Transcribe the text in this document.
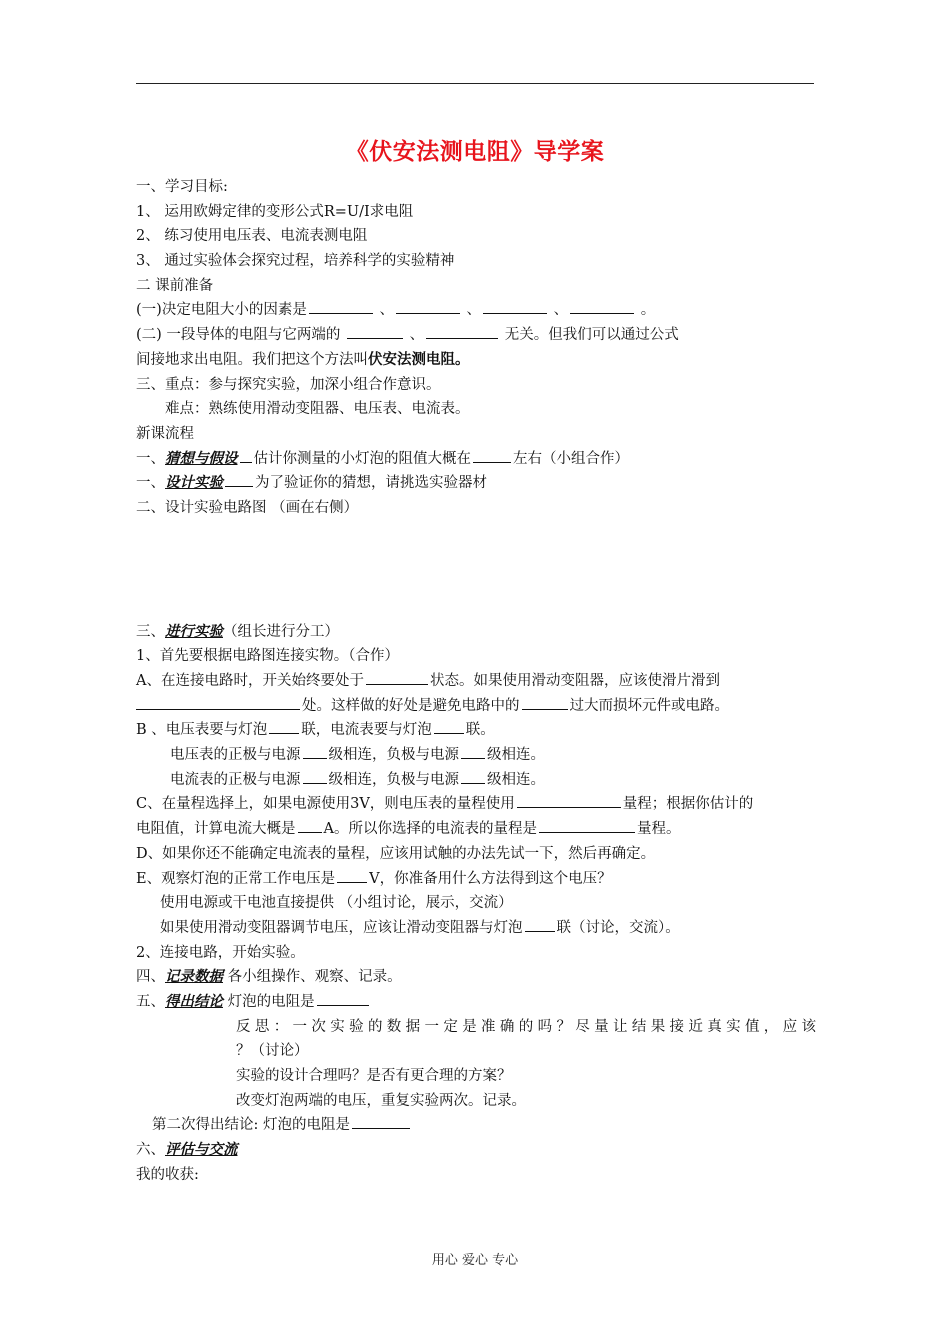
《伏安法测电阻》导学案
一、学习目标:
1、 运用欧姆定律的变形公式R=U/I求电阻
2、 练习使用电压表、电流表测电阻
3、 通过实验体会探究过程，培养科学的实验精神
二 课前准备
(一)决定电阻大小的因素是	、	、	、	。
(二) 一段导体的电阻与它两端的	、	无关。但我们可以通过公式
间接地求出电阻。我们把这个方法叫伏安法测电阻。
三、重点：参与探究实验，加深小组合作意识。
难点：熟练使用滑动变阻器、电压表、电流表。
新课流程
一、猜想与假设 估计你测量的小灯泡的阻值大概在	左右（小组合作）
一、设计实验 为了验证你的猜想，请挑选实验器材
二、设计实验电路图 （画在右侧）
三、进行实验（组长进行分工）
1、首先要根据电路图连接实物。（合作）
A、在连接电路时，开关始终要处于	状态。如果使用滑动变阻器，应该使滑片滑到
处。这样做的好处是避免电路中的	过大而损坏元件或电路。
B 、电压表要与灯泡 联，电流表要与灯泡 联。
电压表的正极与电源 级相连，负极与电源 级相连。
电流表的正极与电源 级相连，负极与电源 级相连。
C、在量程选择上，如果电源使用3V，则电压表的量程使用	量程；根据你估计的
电阻值，计算电流大概是 A。所以你选择的电流表的量程是	量程。
D、如果你还不能确定电流表的量程，应该用试触的办法先试一下，然后再确定。
E、观察灯泡的正常工作电压是 V，你准备用什么方法得到这个电压？
使用电源或干电池直接提供 （小组讨论，展示，交流）
如果使用滑动变阻器调节电压，应该让滑动变阻器与灯泡 联（讨论，交流）。
2、连接电路，开始实验。
四、记录数据 各小组操作、观察、记录。
五、得出结论 灯泡的电阻是
反思：一次实验的数据一定是准确的吗？尽量让结果接近真实值，应该
？（讨论）
实验的设计合理吗？是否有更合理的方案？
改变灯泡两端的电压，重复实验两次。记录。
第二次得出结论: 灯泡的电阻是
六、评估与交流
我的收获:
用心 爱心 专心
